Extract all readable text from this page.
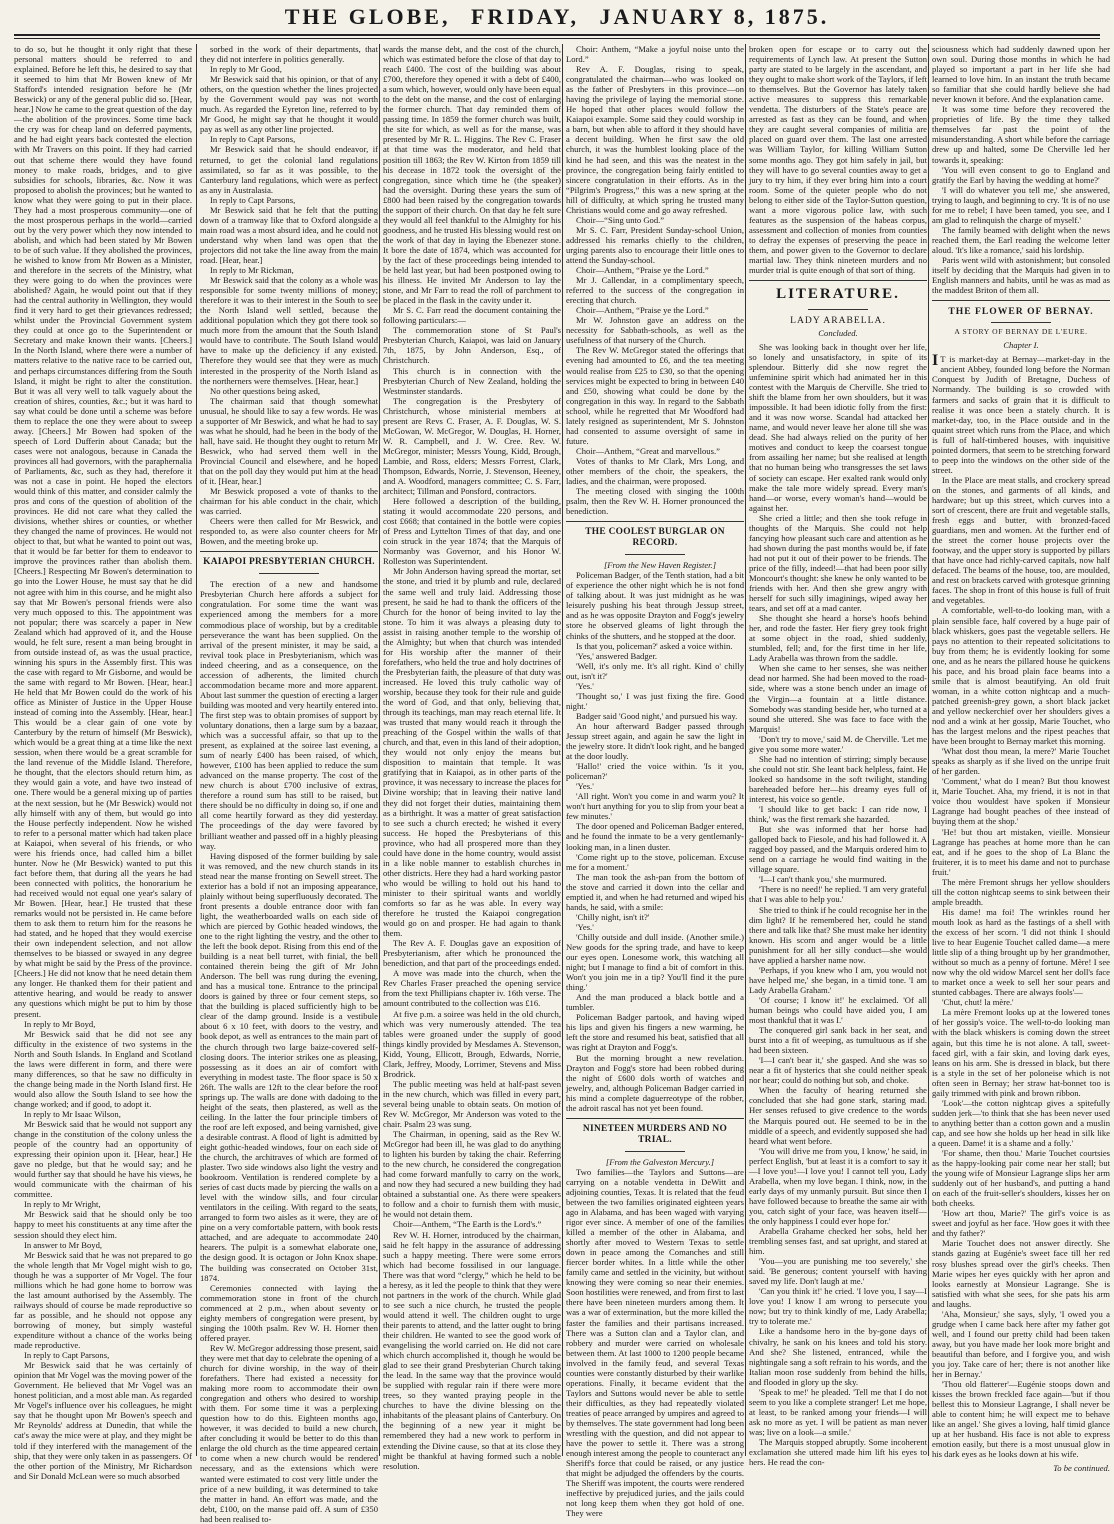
THE GLOBE, FRIDAY, JANUARY 8, 1875.

to do so, but he thought it only right that these personal matters should be referred to and explained. Before he left this, he desired to say that it seemed to him that Mr Bowen knew of Mr Stafford's intended resignation before he (Mr Beswick) or any of the general public did so. [Hear, hear.] Now he came to the great question of the day—the abolition of the provinces. Some time back the cry was for cheap land on deferred payments, and he had eight years back contested the election with Mr Travers on this point. If they had carried out that scheme there would they have found money to make roads, bridges, and to give subsidies for schools, libraries, &c. Now it was proposed to abolish the provinces; but he wanted to know what they were going to put in their place. They had a most prosperous community—one of the most prosperous perhaps in the world—carried out by the very power which they now intended to abolish, and which had been stated by Mr Bowen to be of such value. If they abolished the provinces, he wished to know from Mr Bowen as a Minister, and therefore in the secrets of the Ministry, what they were going to do when the provinces were abolished? Again, he would point out that if they had the central authority in Wellington, they would find it very hard to get their grievances redressed; whilst under the Provincial Government system they could at once go to the Superintendent or Secretary and make known their wants. [Cheers.] In the North Island, where there were a number of matters relative to the native race to be carried out, and perhaps circumstances differing from the South Island, it might be right to alter the constitution. But it was all very well to talk vaguely about the creation of shires, counties, &c.; but it was hard to say what could be done until a scheme was before them to replace the one they were about to sweep away. [Cheers.] Mr Bowen had spoken of the speech of Lord Dufferin about Canada; but the cases were not analogous, because in Canada the provinces all had governors, with the paraphernalia of Parliaments, &c, such as they had, therefore it was not a case in point. He hoped the electors would think of this matter, and consider calmly the pros and cons of the question of abolition of the provinces. He did not care what they called the divisions, whether shires or counties, or whether they changed the name of provinces. He would not object to that, but what he wanted to point out was, that it would be far better for them to endeavor to improve the provinces rather than abolish them. [Cheers.] Respecting Mr Bowen's determination to go into the Lower House, he must say that he did not agree with him in this course, and he might also say that Mr Bowen's personal friends were also very much opposed to this. The appointment was not popular; there was scarcely a paper in New Zealand which had approved of it, and the House would, he felt sure, resent a man being brought in from outside instead of, as was the usual practice, winning his spurs in the Assembly first. This was the case with regard to Mr Gisborne, and would be the same with regard to Mr Bowen. [Hear, hear.] He held that Mr Bowen could do the work of his office as Minister of Justice in the Upper House instead of coming into the Assembly. [Hear, hear.] This would be a clear gain of one vote by Canterbury by the return of himself (Mr Beswick), which would be a great thing at a time like the next session, when there would be a great scramble for the land revenue of the Middle Island. Therefore, he thought, that the electors should return him, as they would gain a vote, and have two instead of one. There would be a general mixing up of parties at the next session, but he (Mr Beswick) would not ally himself with any of them, but would go into the House perfectly independent. Now he wished to refer to a personal matter which had taken place at Kaiapoi, when several of his friends, or who were his friends once, had called him a billet hunter. Now he (Mr Beswick) wanted to put this fact before them, that during all the years he had been connected with politics, the honorarium he had received would not equal one year's salary of Mr Bowen. [Hear, hear.] He trusted that these remarks would not be persisted in. He came before them to ask them to return him for the reasons he had stated, and he hoped that they would exercise their own independent selection, and not allow themselves to be biassed or swayed in any degree by what might be said by the Press of the province. [Cheers.] He did not know that he need detain them any longer. He thanked them for their patient and attentive hearing, and would be ready to answer any questions which might be put to him by those present.

In reply to Mr Boyd,

Mr Beswick said that he did not see any difficulty in the existence of two systems in the North and South Islands. In England and Scotland the laws were different in form, and there were many differences, so that he saw no difficulty in the change being made in the North Island first. He would also allow the South Island to see how the change worked; and if good, to adopt it.

In reply to Mr Isaac Wilson,

Mr Beswick said that he would not support any change in the constitution of the colony unless the people of the country had an opportunity of expressing their opinion upon it. [Hear, hear.] He gave no pledge, but that he would say; and he would further say that should he have his views, he would communicate with the chairman of his committee.

In reply to Mr Wright,

Mr Beswick said that he should only be too happy to meet his constituents at any time after the session should they elect him.

In answer to Mr Boyd,

Mr Beswick said that he was not prepared to go the whole length that Mr Vogel might wish to go, though he was a supporter of Mr Vogel. The four millions which he had gone home to borrow was the last amount authorised by the Assembly. The railways should of course be made reproductive so far as possible, and he should not oppose any borrowing of money, but simply wasteful expenditure without a chance of the works being made reproductive.

In reply to Capt Parsons,

Mr Beswick said that he was certainly of opinion that Mr Vogel was the moving power of the Government. He believed that Mr Vogel was an honest politician, and a most able man. As regarded Mr Vogel's influence over his colleagues, he might say that he thought upon Mr Bowen's speech and Mr Reynolds' address at Dunedin, that while the cat's away the mice were at play, and they might be told if they interfered with the management of the ship, that they were only taken in as passengers. Of the other portion of the Ministry, Mr Richardson and Sir Donald McLean were so much absorbed

sorbed in the work of their departments, that they did not interfere in politics generally.

In reply to Mr Good,

Mr Beswick said that his opinion, or that of any others, on the question whether the lines projected by the Government would pay was not worth much. As regarded the Eyreton line, referred to by Mr Good, he might say that he thought it would pay as well as any other line projected.

In reply to Capt Parsons,

Mr Beswick said that he should endeavor, if returned, to get the colonial land regulations assimilated, so far as it was possible, to the Canterbury land regulations, which were as perfect as any in Australasia.

In reply to Capt Parsons,

Mr Beswick said that he felt that the putting down of a tramway like that to Oxford alongside a main road was a most absurd idea, and he could not understand why when land was open that the projectors did not take the line away from the main road. [Hear, hear.]

In reply to Mr Rickman,

Mr Beswick said that the colony as a whole was responsible for some twenty millions of money; therefore it was to their interest in the South to see the North Island well settled, because the additional population which they got there took so much more from the amount that the South Island would have to contribute. The South Island would have to make up the deficiency if any existed. Therefore they would see that they were as much interested in the prosperity of the North Island as the northerners were themselves. [Hear, hear.]

No other questions being asked,

The chairman said that though somewhat unusual, he should like to say a few words. He was a supporter of Mr Beswick, and what he had to say was what he should, had he been in the body of the hall, have said. He thought they ought to return Mr Beswick, who had served them well in the Provincial Council and elsewhere, and he hoped that on the poll day they would put him at the head of it. [Hear, hear.]

Mr Beswick proposed a vote of thanks to the chairman for his able conduct in the chair, which was carried.

Cheers were then called for Mr Beswick, and responded to, as were also counter cheers for Mr Bowen, and the meeting broke up.

KAIAPOI PRESBYTERIAN CHURCH.

The erection of a new and handsome Presbyterian Church here affords a subject for congratulation. For some time the want was experienced among the members for a more commodious place of worship, but by a creditable perseverance the want has been supplied. On the arrival of the present minister, it may be said, a revival took place in Presbyterianism, which was indeed cheering, and as a consequence, on the accession of adherents, the limited church accommodation became more and more apparent. About last summer the question of erecting a larger building was mooted and very heartily entered into. The first step was to obtain promises of support by voluntary donations, then a large sum by a bazaar, which was a successful affair, so that up to the present, as explained at the soiree last evening, a sum of nearly £400 has been raised, of which, however, £100 has been applied to reduce the sum advanced on the manse property. The cost of the new church is about £700 inclusive of extras, therefore a round sum has still to be raised, but there should be no difficulty in doing so, if one and all come heartily forward as they did yesterday. The proceedings of the day were favored by brilliant weather and passed off in a highly pleasing way.

Having disposed of the former building by sale it was removed, and the new church stands in its stead near the manse fronting on Sewell street. The exterior has a bold if not an imposing appearance, plainly without being superfluously decorated. The front presents a double entrance door with fan light, the weatherboarded walls on each side of which are pierced by Gothic headed windows, the one to the right lighting the vestry, and the other to the left the book depot. Rising from this end of the building is a neat bell turret, with finial, the bell contained therein being the gift of Mr John Anderson. The bell was rung during the evening, and has a musical tone. Entrance to the principal doors is gained by three or four cement steps, so that the building is placed sufficiently high to be clear of the damp ground. Inside is a vestibule about 6 x 10 feet, with doors to the vestry, and book depot, as well as entrances to the main part of the church through two large baize-covered self-closing doors. The interior strikes one as pleasing, possessing as it does an air of comfort with everything in modest taste. The floor space is 50 x 26ft. The walls are 12ft to the clear before the roof springs up. The walls are done with dadoing to the height of the seats, then plastered, as well as the ceiling. In the latter the four principle timbers of the roof are left exposed, and being varnished, give a desirable contrast. A flood of light is admitted by eight gothic-headed windows, four on each side of the church, the architraves of which are formed of plaster. Two side windows also light the vestry and bookroom. Ventilation is rendered complete by a series of cast ducts made by piercing the walls on a level with the window sills, and four circular ventilators in the ceiling. With regard to the seats, arranged to form two aisles as it were, they are of pine on a very comfortable pattern, with book rests attached, and are adequate to accommodate 240 hearers. The pulpit is a somewhat elaborate one, the design good. It is octagon or John Knox shape. The building was consecrated on October 31st, 1874.

Ceremonies connected with laying the commemoration stone in front of the church commenced at 2 p.m., when about seventy or eighty members of congregation were present, by singing the 100th psalm. Rev W. H. Horner then offered prayer.

Rev W. McGregor addressing those present, said they were met that day to celebrate the opening of a church for divine worship, in the way of their forefathers. There had existed a necessity for making more room to accommodate their own congregation and others who desired to worship with them. For some time it was a perplexing question how to do this. Eighteen months ago, however, it was decided to build a new church, after concluding it would be better to do this than enlarge the old church as the time appeared certain to come when a new church would be rendered necessary, and as the extensions which were wanted were estimated to cost very little under the price of a new building, it was determined to take the matter in hand. An effort was made, and the debt, £100, on the manse paid off. A sum of £350 had been realised to-

wards the manse debt, and the cost of the church, which was estimated before the close of that day to reach £400. The cost of the building was about £700, therefore they opened it with a debt of £400, a sum which, however, would only have been equal to the debt on the manse, and the cost of enlarging the former church. That day reminded them of passing time. In 1859 the former church was built, the site for which, as well as for the manse, was presented by Mr R. L. Higgins. The Rev C. Fraser at that time was the moderator, and held that position till 1863; the Rev W. Kirton from 1859 till his decease in 1872 took the oversight of the congregation, since which time he (the speaker) had the oversight. During these years the sum of £800 had been raised by the congregation towards the support of their church. On that day he felt sure they would all feel thankful to the Almighty for his goodness, and he trusted His blessing would rest on the work of that day in laying the Ebenezer stone. It bore the date of 1874, which was accounted for by the fact of these proceedings being intended to be held last year, but had been postponed owing to his illness. He invited Mr Anderson to lay the stone, and Mr Farr to read the roll of parchment to be placed in the flask in the cavity under it.

Mr S. C. Farr read the document containing the following particulars:—

The commemoration stone of St Paul's Presbyterian Church, Kaiapoi, was laid on January 7th, 1875, by John Anderson, Esq., of Christchurch.

This church is in connection with the Presbyterian Church of New Zealand, holding the Westminster standards.

The congregation is the Presbytery of Christchurch, whose ministerial members at present are Revs C. Fraser, A. F. Douglas, W. S. McGowan, W. McGregor, W. Douglas, H. Horner, W. R. Campbell, and J. W. Cree. Rev. W. McGregor, minister; Messrs Young, Kidd, Brough, Lambie, and Ross, elders; Messrs Forrest, Clark, Thompson, Edwards, Norrie, J. Stevenson, Heeney, and A. Woodford, managers committee; C. S. Farr, architect; Tillman and Ponsford, contractors.

Here followed a description of the building, stating it would accommodate 220 persons, and cost £668; that contained in the bottle were copies of Press and Lyttelton Times of that day, and one coin struck in the year 1874; that the Marquis of Normanby was Governor, and his Honor W. Rolleston was Superintendent.

Mr John Anderson having spread the mortar, set the stone, and tried it by plumb and rule, declared the same well and truly laid. Addressing those present, he said he had to thank the officers of the Church for the honor of being invited to lay the stone. To him it was always a pleasing duty to assist in raising another temple to the worship of the Almighty; but when that church was intended for His worship after the manner of their forefathers, who held the true and holy doctrines of the Presbyterian faith, the pleasure of that duty was increased. He loved this truly catholic way of worship, because they took for their rule and guide the word of God, and that only, believing that, through its teachings, man may reach eternal life. It was trusted that many would reach it through the preaching of the Gospel within the walls of that church, and that, even in this land of their adoption, they would not only enjoy the means but disposition to maintain that temple. It was gratifying that in Kaiapoi, as in other parts of the province, it was necessary to increase the places for Divine worship; that in leaving their native land they did not forget their duties, maintaining them as a birthright. It was a matter of great satisfaction to see such a church erected; he wished it every success. He hoped the Presbyterians of this province, who had all prospered more than they could have done in the home country, would assist in a like noble manner to establish churches in other districts. Here they had a hard working pastor who would be willing to hold out his hand to minister to their spiritual wants and worldly comforts so far as he was able. In every way therefore he trusted the Kaiapoi congregation would go on and prosper. He had again to thank them.

The Rev A. F. Douglas gave an exposition of Presbyterianism, after which he pronounced the benediction, and that part of the proceedings ended.

A move was made into the church, when the Rev Charles Fraser preached the opening service from the text Phillipians chapter iv. 16th verse. The amount contributed to the collection was £16.

At five p.m. a soiree was held in the old church, which was very numerously attended. The tea tables were groaned under the supply of good things kindly provided by Mesdames A. Stevenson, Kidd, Young, Ellicott, Brough, Edwards, Norrie, Clark, Jeffrey, Moody, Lorrimer, Stevens and Miss Brodrick.

The public meeting was held at half-past seven in the new church, which was filled in every part, several being unable to obtain seats. On motion of Rev W. McGregor, Mr Anderson was voted to the chair. Psalm 23 was sung.

The Chairman, in opening, said as the Rev W. McGregor had been ill, he was glad to do anything to lighten his burden by taking the chair. Referring to the new church, he considered the congregation had come forward manfully to carry on the work, and now they had secured a new building they had obtained a substantial one. As there were speakers to follow and a choir to furnish them with music, he would not detain them.

Choir—Anthem, “The Earth is the Lord's.”

Rev W. H. Horner, introduced by the chairman, said he felt happy in the assurance of addressing such a happy meeting. There were some errors which had become fossilised in our language. There was that word “clergy,” which he held to be a heresy, as it led the people to think that they were not partners in the work of the church. While glad to see such a nice church, he trusted the people would attend it well. The children ought to urge their parents to attend, and the latter ought to bring their children. He wanted to see the good work of evangelising the world carried on. He did not care which church accomplished it, though he would be glad to see their grand Presbyterian Church taking the lead. In the same way that the province would be supplied with regular rain if there were more trees, so they wanted praying people in the churches to have the divine blessing on the inhabitants of the pleasant plains of Canterbury. On the beginning of a new year it might be remembered they had a new work to perform in extending the Divine cause, so that at its close they might be thankful at having formed such a noble resolution.

Choir: Anthem, “Make a joyful noise unto the Lord.”

Rev A. F. Douglas, rising to speak, congratulated the chairman—who was looked on as the father of Presbyters in this province—on having the privilege of laying the memorial stone. He hoped that other places would follow the Kaiapoi example. Some said they could worship in a barn, but when able to afford it they should have a decent building. When he first saw the old church, it was the humblest looking place of the kind he had seen, and this was the neatest in the province, the congregation being fairly entitled to sincere congratulation in their efforts. As in the “Pilgrim's Progress,” this was a new spring at the hill of difficulty, at which spring he trusted many Christians would come and go away refreshed.

Choir—“Sing unto God.”

Mr S. C. Farr, President Sunday-school Union, addressed his remarks chiefly to the children, urging parents also to encourage their little ones to attend the Sunday-school.

Choir—Anthem, “Praise ye the Lord.”

Mr J. Callendar, in a complimentary speech, referred to the success of the congregation in erecting that church.

Choir—Anthem, “Praise ye the Lord.”

Mr W. Johnston gave an address on the necessity for Sabbath-schools, as well as the usefulness of that nursery of the Church.

The Rev W. McGregor stated the offerings that evening had amounted to £6, and the tea meeting would realise from £25 to £30, so that the opening services might be expected to bring in between £40 and £50, showing what could be done by the congregation in this way. In regard to the Sabbath school, while he regretted that Mr Woodford had lately resigned as superintendent, Mr S. Johnston had consented to assume oversight of same in future.

Choir—Anthem, “Great and marvellous.”

Votes of thanks to Mr Clark, Mrs Long, and other members of the choir, the speakers, the ladies, and the chairman, were proposed.

The meeting closed with singing the 100th psalm, then the Rev W. H. Horner pronounced the benediction.

THE COOLEST BURGLAR ON RECORD.

[From the New Haven Register.]

Policeman Badger, of the Tenth station, had a bit of experience the other night which he is not fond of talking about. It was just midnight as he was leisurely pushing his beat through Jessup street, and as he was opposite Drayton and Fogg's jewelry store he observed gleams of light through the chinks of the shutters, and he stopped at the door.

Is that you, policeman?' asked a voice within.

'Yes,' answered Badger.

'Well, it's only me. It's all right. Kind o' chilly out, isn't it?'

'Yes.'

'Thought so,' I was just fixing the fire. Good night.'

Badger said 'Good night,' and pursued his way.

An hour afterward Badger passed through Jessup street again, and again he saw the light in the jewelry store. It didn't look right, and he banged at the door loudly.

'Hallo!' cried the voice within. 'Is it you, policeman?'

'Yes.'

'All right. Won't you come in and warm you? It won't hurt anything for you to slip from your beat a few minutes.'

The door opened and Policeman Badger entered, and he found the inmate to be a very gentlemanly-looking man, in a linen duster.

'Come right up to the stove, policeman. Excuse me for a moment.'

The man took the ash-pan from the bottom of the stove and carried it down into the cellar and emptied it, and when he had returned and wiped his hands, he said, with a smile:

'Chilly night, isn't it?'

'Yes.'

'Chilly outside and dull inside. (Another smile.) New goods for the spring trade, and have to keep our eyes open. Lonesome work, this watching all night; but I manage to find a bit of comfort in this. Won't you join me in a tip? You'll find it the pure thing.'

And the man produced a black bottle and a tumbler.

Policeman Badger partook, and having wiped his lips and given his fingers a new warming, he left the store and resumed his beat, satisfied that all was right at Drayton and Fogg's.

But the morning brought a new revelation. Drayton and Fogg's store had been robbed during the night of £600 dols worth of watches and jewelry, and, although Policeman Badger carried in his mind a complete daguerreotype of the robber, the adroit rascal has not yet been found.

NINETEEN MURDERS AND NO TRIAL.

[From the Galveston Mercury.]

Two families—the Taylors and Suttons—are carrying on a notable vendetta in DeWitt and adjoining counties, Texas. It is related that the feud between the two families originated eighteen years ago in Alabama, and has been waged with varying rigor ever since. A member of one of the families killed a member of the other in Alabama, and shortly after moved to Western Texas to settle down in peace among the Comanches and still fiercer border whites. In a little while the other family came and settled in the vicinity, but without knowing they were coming so near their enemies. Soon hostilities were renewed, and from first to last there have been nineteen murders among them. It was a war of extermination, but the more killed the faster the families and their partisans increased. There was a Sutton clan and a Taylor clan, and robbery and murder were carried on wholesale between them. At last 1000 to 1200 people became involved in the family feud, and several Texas counties were constantly disturbed by their warlike operations. Finally, it became evident that the Taylors and Suttons would never be able to settle their difficulties, as they had repeatedly violated treaties of peace arranged by umpires and agreed to by themselves. The state government had long been wrestling with the question, and did not appear to have the power to settle it. There was a strong enough interest among the people to counteract any Sheriff's force that could be raised, or any justice that might be adjudged the offenders by the courts. The Sheriff was impotent, the courts were rendered ineffective by prejudiced juries, and the jails could not long keep them when they got hold of one. They were

broken open for escape or to carry out the requirements of Lynch law. At present the Sutton party are stated to be largely in the ascendant, and they ought to make short work of the Taylors, if left to themselves. But the Governor has lately taken active measures to suppress this remarkable vendetta. The disturbers of the State's peace are arrested as fast as they can be found, and when they are caught several companies of militia are placed on guard over them. The last one arrested was William Taylor, for killing William Sutton some months ago. They got him safely in jail, but they will have to go several counties away to get a jury to try him, if they ever bring him into a court room. Some of the quieter people who do not belong to either side of the Taylor-Sutton question, want a more vigorous police law, with such features as the suspension of the habeas corpus, assessment and collection of monies from counties to defray the expenses of preserving the peace in them, and power given to the Governor to declare martial law. They think nineteen murders and no murder trial is quite enough of that sort of thing.

LITERATURE.
LADY ARABELLA.
Concluded.

She was looking back in thought over her life, so lonely and unsatisfactory, in spite of its splendour. Bitterly did she now regret the unfeminine spirit which had animated her in this contest with the Marquis de Cherville. She tried to shift the blame from her own shoulders, but it was impossible. It had been idiotic folly from the first: and it was now worse. Scandal had attacked her name, and would never leave her alone till she was dead. She had always relied on the purity of her motives and conduct to keep the coarsest tongue from assailing her name; but she realised at length that no human being who transgresses the set laws of society can escape. Her exalted rank would only make the tale more widely spread. Every man's hand—or worse, every woman's hand—would be against her.

She cried a little; and then she took refuge in thoughts of the Marquis. She could not help fancying how pleasant such care and attention as he had shown during the past months would be, if fate had not put it out of their power to be friends. The price of the filly, indeed!—that had been poor silly Moncourt's thought: she knew he only wanted to be friends with her. And then she grew angry with herself for such silly imaginings, wiped away her tears, and set off at a mad canter.

She thought she heard a horse's hoofs behind her, and rode the faster. Her fiery grey took fright at some object in the road, shied suddenly, stumbled, fell; and, for the first time in her life, Lady Arabella was thrown from the saddle.

When she came to her senses, she was neither dead nor harmed. She had been moved to the road-side, where was a stone bench under an image of the Virgin—a fountain at a little distance. Somebody was standing beside her, who turned at a sound she uttered. She was face to face with the Marquis!

'Don't try to move,' said M. de Cherville. 'Let me give you some more water.'

She had no intention of stirring; simply because she could not stir. She leant back helpless, faint. He looked so handsome in the soft twilight, standing bareheaded before her—his dreamy eyes full of interest, his voice so gentle.

'I should like to get back: I can ride now, I think,' was the first remark she hazarded.

But she was informed that her horse had galloped back to Fiesole, and his had followed it. A ragged boy passed, and the Marquis ordered him to send on a carriage he would find waiting in the village square.

'I—I can't thank you,' she murmured.

'There is no need!' he replied. 'I am very grateful that I was able to help you.'

She tried to think if he could recognise her in the dim light? If he remembered her, could he stand there and talk like that? She must make her identity known. His scorn and anger would be a little punishment for all her silly conduct—she would have applied a harsher name now.

'Perhaps, if you knew who I am, you would not have helped me,' she began, in a timid tone. 'I am Lady Arabella Graham.'

'Of course; I know it!' he exclaimed. 'Of all human beings who could have aided you, I am most thankful that it was I.'

The conquered girl sank back in her seat, and burst into a fit of weeping, as tumultuous as if she had been sixteen.

'I—I can't bear it,' she gasped. And she was so near a fit of hysterics that she could neither speak nor hear; could do nothing but sob, and choke.

When the faculty of hearing returned she concluded that she had gone stark, staring mad. Her senses refused to give credence to the words the Marquis poured out. He seemed to be in the middle of a speech, and evidently supposed she had heard what went before.

'You will drive me from you, I know,' he said, in perfect English, 'but at least it is a comfort to say it—I love you!—I love you! I cannot tell you, Lady Arabella, when my love began. I think, now, in the early days of my unmanly pursuit. But since then I have followed because to breathe the same air with you, catch sight of your face, was heaven itself—the only happiness I could ever hope for.'

Arabella Grahame checked her sobs, held her trembling senses fast, and sat upright, and stared at him.

'You—you are punishing me too severely,' she said. 'Be generous; content yourself with having saved my life. Don't laugh at me.'

'Can you think it!' he cried. 'I love you, I say—I love you! I know I am wrong to persecute you now; but try to think kindly of me, Lady Arabella; try to tolerate me.'

Like a handsome hero in the by-gone days of chivalry, he sank on his knees and told his story. And she? She listened, entranced, while the nightingale sang a soft refrain to his words, and the Italian moon rose suddenly from behind the hills, and flooded in glory up the sky.

'Speak to me!' he pleaded. 'Tell me that I do not seem to you like a complete stranger! Let me hope, at least, to be ranked among your friends—I will ask no more as yet. I will be patient as man never was; live on a look—a smile.'

The Marquis stopped abruptly. Some incoherent exclamation she uttered made him lift his eyes to hers. He read the con-

sciousness which had suddenly dawned upon her own soul. During those months in which he had played so important a part in her life she had learned to love him. In an instant the truth became so familiar that she could hardly believe she had never known it before. And the explanation came.

It was some time before they recovered the proprieties of life. By the time they talked themselves far past the point of the misunderstanding. A short while before the carriage drew up and halted, some De Cherville led her towards it, speaking:

'You will even consent to go to England and gratify the Earl by having the wedding at home?'

'I will do whatever you tell me,' she answered, trying to laugh, and beginning to cry. 'It is of no use for me to rebel; I have been tamed, you see, and I am glad to relinquish the charge of myself.'

The family beamed with delight when the news reached them, the Earl reading the welcome letter aloud. 'It's like a romance,' said his lordship.

Paris went wild with astonishment; but consoled itself by deciding that the Marquis had given in to English manners and habits, until he was as mad as the maddest Briton of them all.

THE FLOWER OF BERNAY.
A STORY OF BERNAY DE L'EURE.
Chapter I.
I T is market-day at Bernay—market-day in the ancient Abbey, founded long before the Norman Conquest by Judith of Bretagne, Duchess of Normandy. The building is so crowded with farmers and sacks of grain that it is difficult to realise it was once been a stately church. It is market-day, too, in the Place outside and in the quaint street which runs from the Place, and which is full of half-timbered houses, with inquisitive pointed dormers, that seem to be stretching forward to peep into the windows on the other side of the street.

In the Place are meat stalls, and crockery spread on the stones, and garments of all kinds, and hardware; but up this street, which curves into a sort of crescent, there are fruit and vegetable stalls, fresh eggs and butter, with bronzed-faced guardians, men and women. At the further end of the street the corner house projects over the footway, and the upper story is supported by pillars that have once had richly-carved capitals, now half defaced. The beams of the house, too, are moulded, and rest on brackets carved with grotesque grinning faces. The shop in front of this house is full of fruit and vegetables.

A comfortable, well-to-do looking man, with a plain sensible face, half covered by a huge pair of black whiskers, goes past the vegetable sellers. He pays no attention to their repeated solicitations to buy from them; he is evidently looking for some one, and as he nears the pillared house he quickens his pace, and his broad plain face beams into a smile that is almost beautifying. An old fruit woman, in a white cotton nightcap and a much-patched greenish-grey gown, a short black jacket and yellow neckerchief over her shoulders gives a nod and a wink at her gossip, Marie Touchet, who has the largest melons and the ripest peaches that have been brought to Bernay market this morning.

'What dost thou mean, la mere?' Marie Touchet speaks as sharply as if she lived on the unripe fruit of her garden.

'Comment,' what do I mean? But thou knowest it, Marie Touchet. Aha, my friend, it is not in that voice thou wouldest have spoken if Monsieur Lagrange had bought peaches of thee instead of buying them at the shop.'

'He! but thou art mistaken, vieille. Monsieur Lagrange has peaches at home more than he can eat, and if he goes to the shop of La Blanc the fruiterer, it is to meet his dame and not to purchase fruit.'

The mère Fremont shrugs her yellow shoulders till the cotton nightcap seems to sink between their ample breadth.

His dame! ma foi! The wrinkles round her mouth look as hard as the fastings of a shell with the excess of her scorn. 'I did not think I should live to hear Eugenie Touchet called dame—a mere little slip of a thing brought up by her grandmother, without so much as a penny of fortune. Mère! I see now why the old widow Marcel sent her doll's face to market once a week to sell her sour pears and stunted cabbages. There are always fools'—

'Chut, chut! la mère.'

La mère Fremont looks up at the lowered tones of her gossip's voice. The well-to-do looking man with the black whiskers is coming down the street again, but this time he is not alone. A tall, sweet-faced girl, with a fair skin, and loving dark eyes, leans on his arm. She is dressed in black, but there is a style in the set of her poloneise which is not often seen in Bernay; her straw hat-bonnet too is gaily trimmed with pink and brown ribbon.

'Look'—the cotton nightcap gives a spitefully sudden jerk—'to think that she has been never used to anything better than a cotton gown and a muslin cap, and see how she holds up her head in silk like a queen. Dame! it is a shame and a folly.'

'For shame, then thou.' Marie Touchet courtsies as the happy-looking pair come near her stall; but the young wife of Monsieur Lagrange slips her arm suddenly out of her husband's, and putting a hand on each of the fruit-seller's shoulders, kisses her on both cheeks.

'How art thou, Marie?' The girl's voice is as sweet and joyful as her face. 'How goes it with thee and thy father?'

Marie Touchet does not answer directly. She stands gazing at Eugénie's sweet face till her red rosy blushes spread over the girl's cheeks. Then Marie wipes her eyes quickly with her apron and looks earnestly at Monsieur Lagrange. She is satisfied with what she sees, for she pats his arm and laughs.

'Aha, Monsieur,' she says, slyly, 'I owed you a grudge when I came back here after my father got well, and I found our pretty child had been taken away, but you have made her look more bright and beautiful than before, and I forgive you, and wish you joy. Take care of her; there is not another like her in Bernay.'

'Thou old flatterer'—Eugénie stoops down and kisses the brown freckled face again—'but if thou bellest this to Monsieur Lagrange, I shall never be able to content him; he will expect me to behave like an angel.' She gives a loving, half timid glance up at her husband. His face is not able to express emotion easily, but there is a most unusual glow in his dark eyes as he looks down at his wife.

To be continued.
